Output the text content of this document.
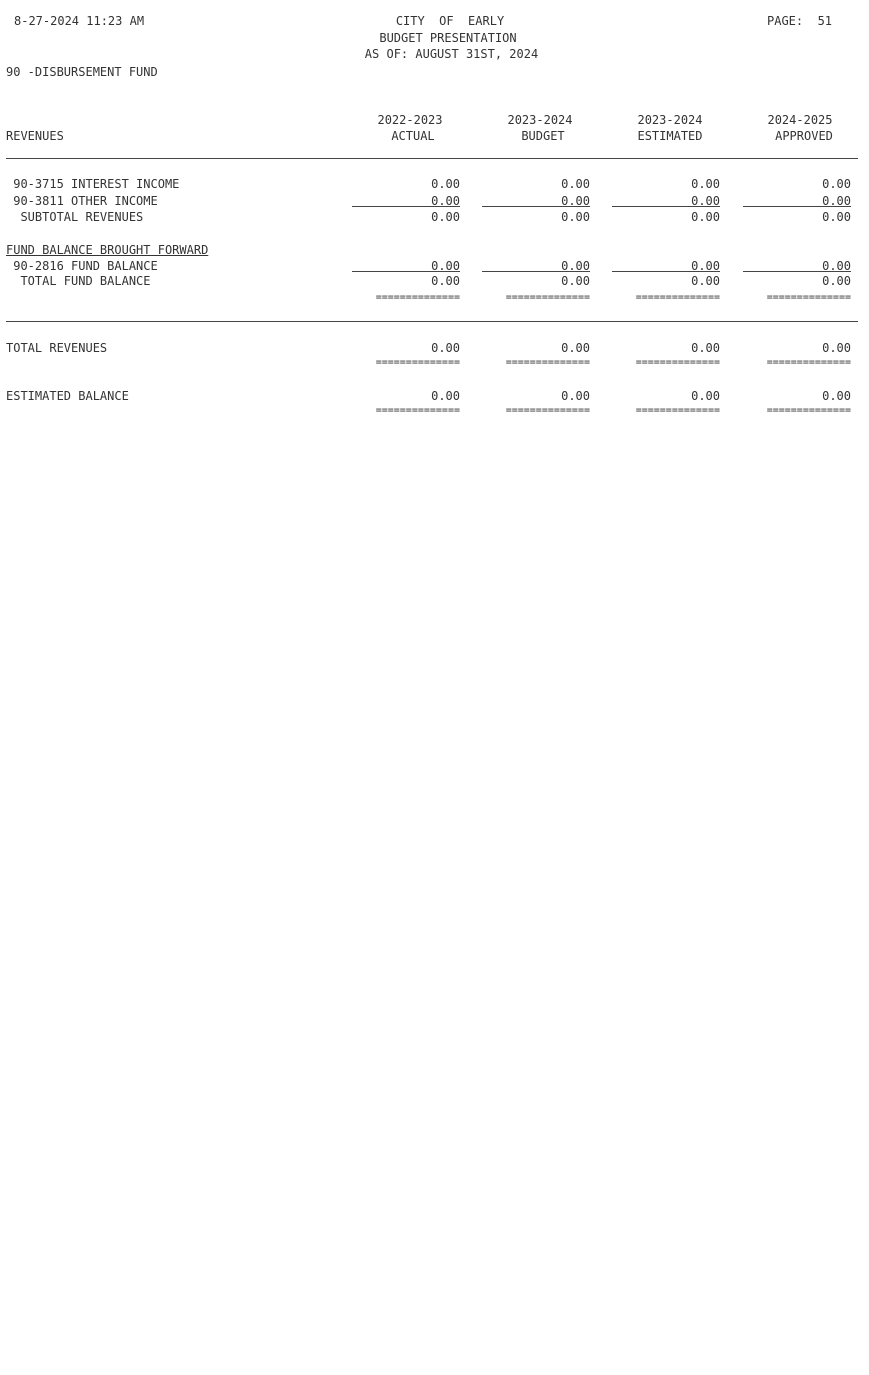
8-27-2024 11:23 AM	CITY  OF  EARLY
BUDGET PRESENTATION
AS OF: AUGUST 31ST, 2024
PAGE:  51
90 -DISBURSEMENT FUND
2022-2023	2023-2024	2023-2024	2024-2025
REVENUES	ACTUAL	BUDGET	ESTIMATED	APPROVED
90-3715 INTEREST INCOME	0.00	0.00	0.00	0.00
90-3811 OTHER INCOME	0.00	0.00	0.00	0.00
SUBTOTAL REVENUES	0.00	0.00	0.00	0.00
FUND BALANCE BROUGHT FORWARD
90-2816 FUND BALANCE	0.00	0.00	0.00	0.00
TOTAL FUND BALANCE	0.00	0.00	0.00	0.00
==============	==============	==============	==============
TOTAL REVENUES	0.00	0.00	0.00	0.00
==============	==============	==============	==============
ESTIMATED BALANCE	0.00	0.00	0.00	0.00
==============	==============	==============	==============
